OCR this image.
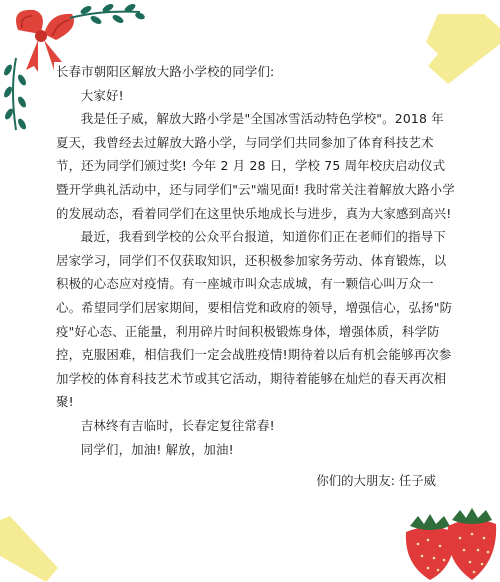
长春市朝阳区解放大路小学校的同学们:

大家好!

我是任子威，解放大路小学是"全国冰雪活动特色学校"。2018 年夏天，我曾经去过解放大路小学，与同学们共同参加了体育科技艺术节，还为同学们颁过奖! 今年 2 月 28 日，学校 75 周年校庆启动仪式暨开学典礼活动中，还与同学们"云"端见面! 我时常关注着解放大路小学的发展动态，看着同学们在这里快乐地成长与进步，真为大家感到高兴!

最近，我看到学校的公众平台报道，知道你们正在老师们的指导下居家学习，同学们不仅获取知识，还积极参加家务劳动、体育锻炼，以积极的心态应对疫情。有一座城市叫众志成城，有一颗信心叫万众一心。希望同学们居家期间，要相信党和政府的领导，增强信心，弘扬"防疫"好心态、正能量，利用碎片时间积极锻炼身体，增强体质，科学防控，克服困难，相信我们一定会战胜疫情!期待着以后有机会能够再次参加学校的体育科技艺术节或其它活动，期待着能够在灿烂的春天再次相聚!

吉林终有吉临时，长春定复往常春!

同学们，加油! 解放，加油!

你们的大朋友: 任子威
